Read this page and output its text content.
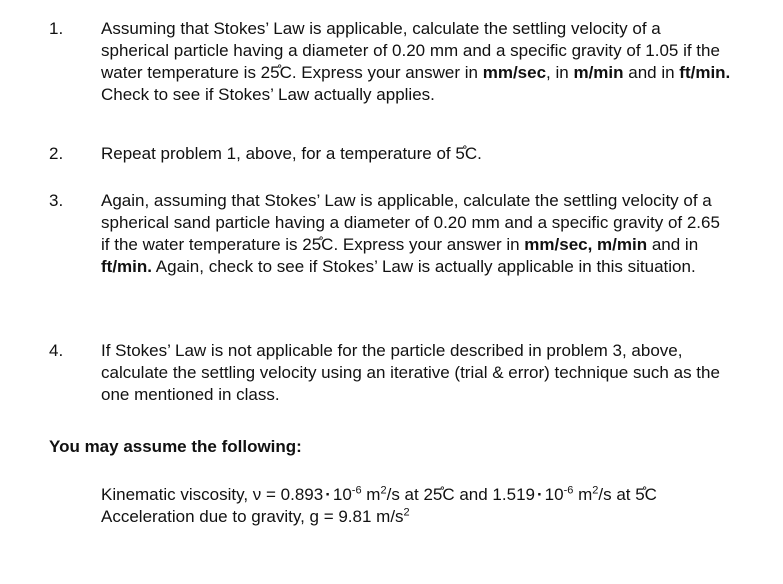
1. Assuming that Stokes’ Law is applicable, calculate the settling velocity of a spherical particle having a diameter of 0.20 mm and a specific gravity of 1.05 if the water temperature is 25̊C. Express your answer in mm/sec, in m/min and in ft/min. Check to see if Stokes’ Law actually applies.
2. Repeat problem 1, above, for a temperature of 5̊C.
3. Again, assuming that Stokes’ Law is applicable, calculate the settling velocity of a spherical sand particle having a diameter of 0.20 mm and a specific gravity of 2.65 if the water temperature is 25̊C. Express your answer in mm/sec, m/min and in ft/min. Again, check to see if Stokes’ Law is actually applicable in this situation.
4. If Stokes’ Law is not applicable for the particle described in problem 3, above, calculate the settling velocity using an iterative (trial & error) technique such as the one mentioned in class.
You may assume the following:
Kinematic viscosity, $\nu = 0.893 \cdot 10^{-6}$ $m^2/s$ at 25̊C and $1.519 \cdot 10^{-6}$ $m^2/s$ at 5̊C
Acceleration due to gravity, g = 9.81 $m/s^2$
